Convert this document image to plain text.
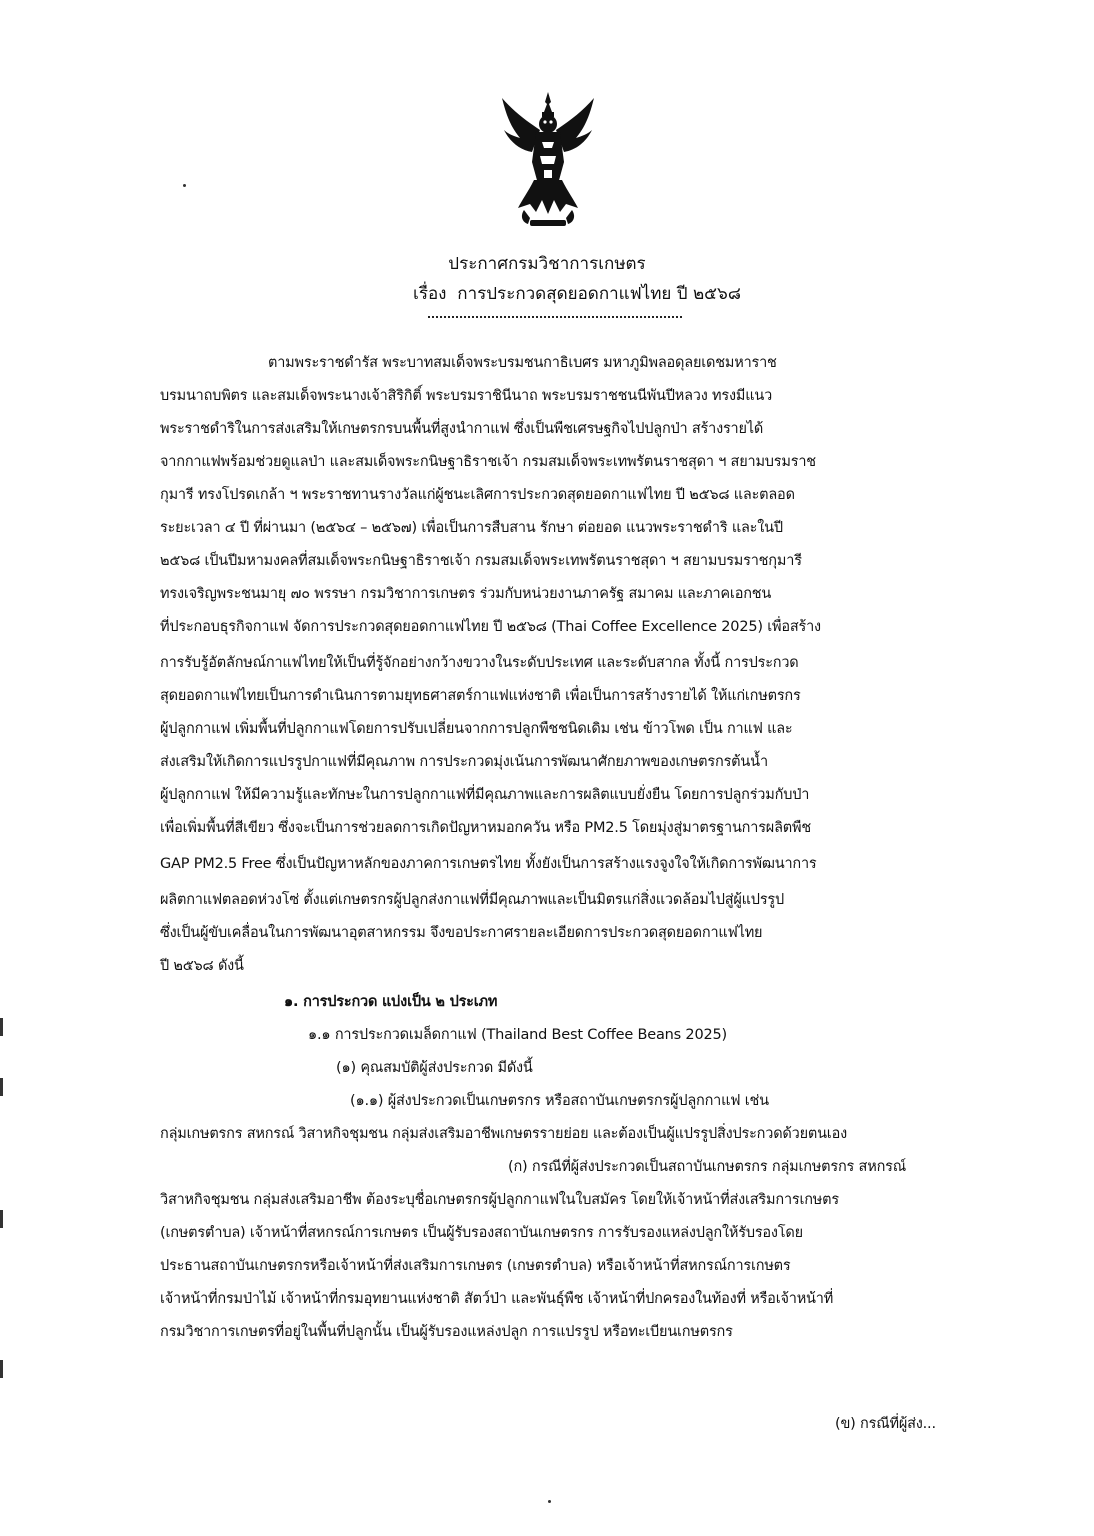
ประกาศกรมวิชาการเกษตร
เรื่อง การประกวดสุดยอดกาแฟไทย ปี ๒๕๖๘
ตามพระราชดำรัส พระบาทสมเด็จพระบรมชนกาธิเบศร มหาภูมิพลอดุลยเดชมหาราช
บรมนาถบพิตร และสมเด็จพระนางเจ้าสิริกิติ์ พระบรมราชินีนาถ พระบรมราชชนนีพันปีหลวง ทรงมีแนว
พระราชดำริในการส่งเสริมให้เกษตรกรบนพื้นที่สูงนำกาแฟ ซึ่งเป็นพืชเศรษฐกิจไปปลูกป่า สร้างรายได้
จากกาแฟพร้อมช่วยดูแลป่า และสมเด็จพระกนิษฐาธิราชเจ้า กรมสมเด็จพระเทพรัตนราชสุดา ฯ สยามบรมราช
กุมารี ทรงโปรดเกล้า ฯ พระราชทานรางวัลแก่ผู้ชนะเลิศการประกวดสุดยอดกาแฟไทย ปี ๒๕๖๘ และตลอด
ระยะเวลา ๔ ปี ที่ผ่านมา (๒๕๖๔ – ๒๕๖๗) เพื่อเป็นการสืบสาน รักษา ต่อยอด แนวพระราชดำริ และในปี
๒๕๖๘ เป็นปีมหามงคลที่สมเด็จพระกนิษฐาธิราชเจ้า กรมสมเด็จพระเทพรัตนราชสุดา ฯ สยามบรมราชกุมารี
ทรงเจริญพระชนมายุ ๗๐ พรรษา กรมวิชาการเกษตร ร่วมกับหน่วยงานภาครัฐ สมาคม และภาคเอกชน
ที่ประกอบธุรกิจกาแฟ จัดการประกวดสุดยอดกาแฟไทย ปี ๒๕๖๘ (Thai Coffee Excellence 2025) เพื่อสร้าง
การรับรู้อัตลักษณ์กาแฟไทยให้เป็นที่รู้จักอย่างกว้างขวางในระดับประเทศ และระดับสากล ทั้งนี้ การประกวด
สุดยอดกาแฟไทยเป็นการดำเนินการตามยุทธศาสตร์กาแฟแห่งชาติ เพื่อเป็นการสร้างรายได้ ให้แก่เกษตรกร
ผู้ปลูกกาแฟ เพิ่มพื้นที่ปลูกกาแฟโดยการปรับเปลี่ยนจากการปลูกพืชชนิดเดิม เช่น ข้าวโพด เป็น กาแฟ และ
ส่งเสริมให้เกิดการแปรรูปกาแฟที่มีคุณภาพ การประกวดมุ่งเน้นการพัฒนาศักยภาพของเกษตรกรต้นน้ำ
ผู้ปลูกกาแฟ ให้มีความรู้และทักษะในการปลูกกาแฟที่มีคุณภาพและการผลิตแบบยั่งยืน โดยการปลูกร่วมกับป่า
เพื่อเพิ่มพื้นที่สีเขียว ซึ่งจะเป็นการช่วยลดการเกิดปัญหาหมอกควัน หรือ PM2.5 โดยมุ่งสู่มาตรฐานการผลิตพืช
GAP PM2.5 Free ซึ่งเป็นปัญหาหลักของภาคการเกษตรไทย ทั้งยังเป็นการสร้างแรงจูงใจให้เกิดการพัฒนาการ
ผลิตกาแฟตลอดห่วงโซ่ ตั้งแต่เกษตรกรผู้ปลูกส่งกาแฟที่มีคุณภาพและเป็นมิตรแก่สิ่งแวดล้อมไปสู่ผู้แปรรูป
ซึ่งเป็นผู้ขับเคลื่อนในการพัฒนาอุตสาหกรรม จึงขอประกาศรายละเอียดการประกวดสุดยอดกาแฟไทย
ปี ๒๕๖๘ ดังนี้
๑. การประกวด แบ่งเป็น ๒ ประเภท
๑.๑ การประกวดเมล็ดกาแฟ (Thailand Best Coffee Beans 2025)
(๑) คุณสมบัติผู้ส่งประกวด มีดังนี้
(๑.๑) ผู้ส่งประกวดเป็นเกษตรกร หรือสถาบันเกษตรกรผู้ปลูกกาแฟ เช่น
กลุ่มเกษตรกร สหกรณ์ วิสาหกิจชุมชน กลุ่มส่งเสริมอาชีพเกษตรรายย่อย และต้องเป็นผู้แปรรูปสิ่งประกวดด้วยตนเอง
(ก) กรณีที่ผู้ส่งประกวดเป็นสถาบันเกษตรกร กลุ่มเกษตรกร สหกรณ์
วิสาหกิจชุมชน กลุ่มส่งเสริมอาชีพ ต้องระบุชื่อเกษตรกรผู้ปลูกกาแฟในใบสมัคร โดยให้เจ้าหน้าที่ส่งเสริมการเกษตร
(เกษตรตำบล) เจ้าหน้าที่สหกรณ์การเกษตร เป็นผู้รับรองสถาบันเกษตรกร การรับรองแหล่งปลูกให้รับรองโดย
ประธานสถาบันเกษตรกรหรือเจ้าหน้าที่ส่งเสริมการเกษตร (เกษตรตำบล) หรือเจ้าหน้าที่สหกรณ์การเกษตร
เจ้าหน้าที่กรมป่าไม้ เจ้าหน้าที่กรมอุทยานแห่งชาติ สัตว์ป่า และพันธุ์พืช เจ้าหน้าที่ปกครองในท้องที่ หรือเจ้าหน้าที่
กรมวิชาการเกษตรที่อยู่ในพื้นที่ปลูกนั้น เป็นผู้รับรองแหล่งปลูก การแปรรูป หรือทะเบียนเกษตรกร
(ข) กรณีที่ผู้ส่ง...
